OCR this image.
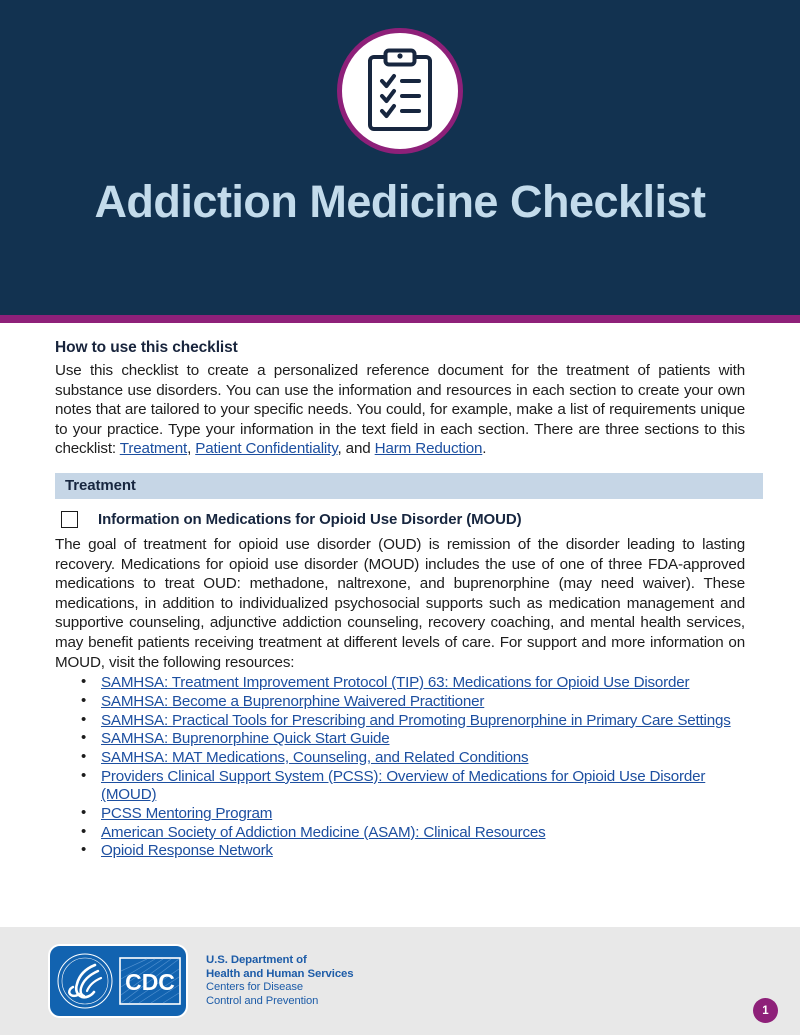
Addiction Medicine Checklist
How to use this checklist

Use this checklist to create a personalized reference document for the treatment of patients with substance use disorders. You can use the information and resources in each section to create your own notes that are tailored to your specific needs. You could, for example, make a list of requirements unique to your practice. Type your information in the text field in each section. There are three sections to this checklist: Treatment, Patient Confidentiality, and Harm Reduction.

Treatment
Information on Medications for Opioid Use Disorder (MOUD)

The goal of treatment for opioid use disorder (OUD) is remission of the disorder leading to lasting recovery. Medications for opioid use disorder (MOUD) includes the use of one of three FDA-approved medications to treat OUD: methadone, naltrexone, and buprenorphine (may need waiver). These medications, in addition to individualized psychosocial supports such as medication management and supportive counseling, adjunctive addiction counseling, recovery coaching, and mental health services, may benefit patients receiving treatment at different levels of care. For support and more information on MOUD, visit the following resources:

• SAMHSA: Treatment Improvement Protocol (TIP) 63: Medications for Opioid Use Disorder
• SAMHSA: Become a Buprenorphine Waivered Practitioner
• SAMHSA: Practical Tools for Prescribing and Promoting Buprenorphine in Primary Care Settings
• SAMHSA: Buprenorphine Quick Start Guide
• SAMHSA: MAT Medications, Counseling, and Related Conditions
• Providers Clinical Support System (PCSS): Overview of Medications for Opioid Use Disorder (MOUD)
• PCSS Mentoring Program
• American Society of Addiction Medicine (ASAM): Clinical Resources
• Opioid Response Network
CDC
U.S. Department of
Health and Human Services
Centers for Disease
Control and Prevention
1
